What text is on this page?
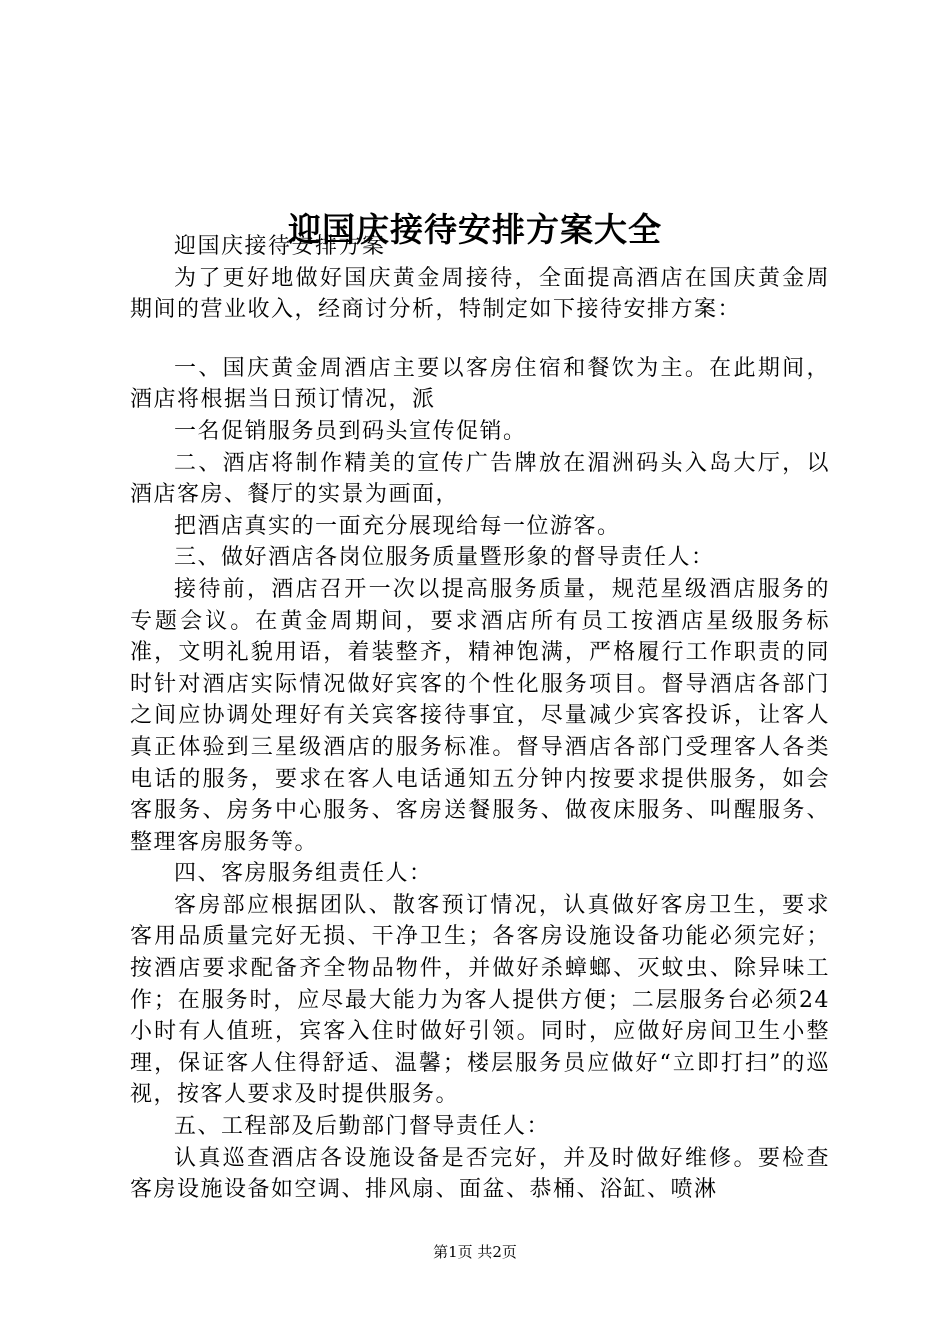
迎国庆接待安排方案大全

迎国庆接待安排方案

为了更好地做好国庆黄金周接待，全面提高酒店在国庆黄金周期间的营业收入，经商讨分析，特制定如下接待安排方案：

一、国庆黄金周酒店主要以客房住宿和餐饮为主。在此期间，酒店将根据当日预订情况，派

一名促销服务员到码头宣传促销。

二、酒店将制作精美的宣传广告牌放在湄洲码头入岛大厅，以酒店客房、餐厅的实景为画面，

把酒店真实的一面充分展现给每一位游客。

三、做好酒店各岗位服务质量暨形象的督导责任人：

接待前，酒店召开一次以提高服务质量，规范星级酒店服务的专题会议。在黄金周期间，要求酒店所有员工按酒店星级服务标准，文明礼貌用语，着装整齐，精神饱满，严格履行工作职责的同时针对酒店实际情况做好宾客的个性化服务项目。督导酒店各部门之间应协调处理好有关宾客接待事宜，尽量减少宾客投诉，让客人真正体验到三星级酒店的服务标准。督导酒店各部门受理客人各类电话的服务，要求在客人电话通知五分钟内按要求提供服务，如会客服务、房务中心服务、客房送餐服务、做夜床服务、叫醒服务、整理客房服务等。

四、客房服务组责任人：

客房部应根据团队、散客预订情况，认真做好客房卫生，要求客用品质量完好无损、干净卫生；各客房设施设备功能必须完好；按酒店要求配备齐全物品物件，并做好杀蟑螂、灭蚊虫、除异味工作；在服务时，应尽最大能力为客人提供方便；二层服务台必须24小时有人值班，宾客入住时做好引领。同时，应做好房间卫生小整理，保证客人住得舒适、温馨；楼层服务员应做好“立即打扫”的巡视，按客人要求及时提供服务。

五、工程部及后勤部门督导责任人：

认真巡查酒店各设施设备是否完好，并及时做好维修。要检查客房设施设备如空调、排风扇、面盆、恭桶、浴缸、喷淋

第1页 共2页
